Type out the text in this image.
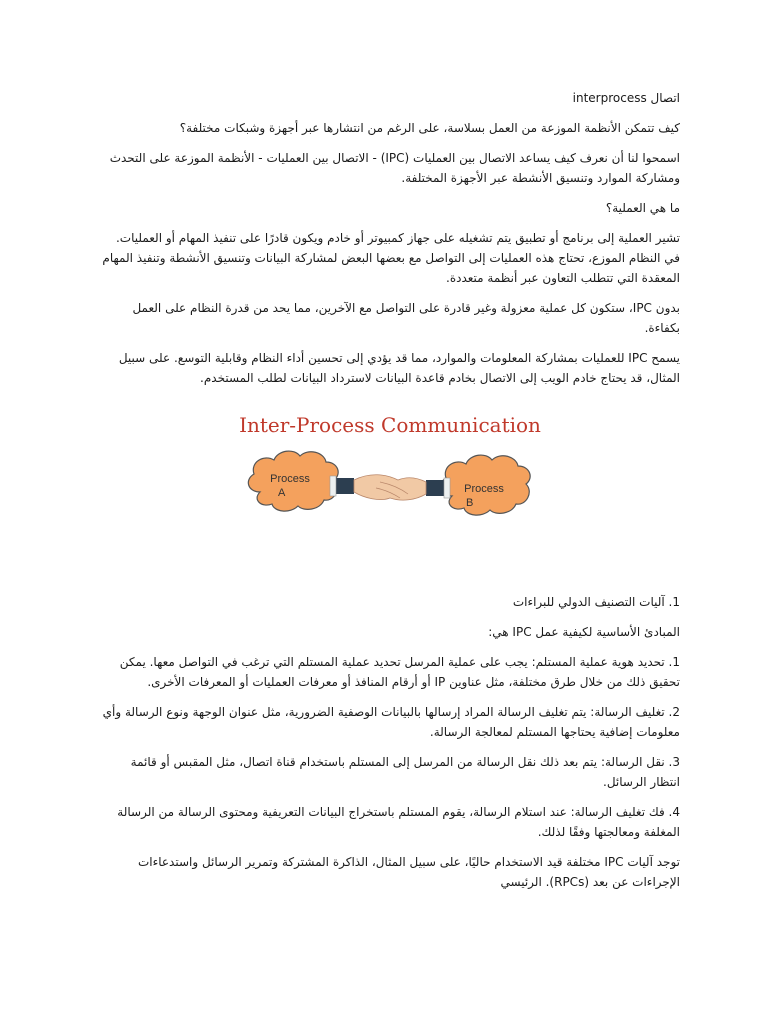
اتصال interprocess

كيف تتمكن الأنظمة الموزعة من العمل بسلاسة، على الرغم من انتشارها عبر أجهزة وشبكات مختلفة؟

اسمحوا لنا أن نعرف كيف يساعد الاتصال بين العمليات (IPC) - الاتصال بين العمليات - الأنظمة الموزعة على التحدث ومشاركة الموارد وتنسيق الأنشطة عبر الأجهزة المختلفة.

ما هي العملية؟

تشير العملية إلى برنامج أو تطبيق يتم تشغيله على جهاز كمبيوتر أو خادم ويكون قادرًا على تنفيذ المهام أو العمليات. في النظام الموزع، تحتاج هذه العمليات إلى التواصل مع بعضها البعض لمشاركة البيانات وتنسيق الأنشطة وتنفيذ المهام المعقدة التي تتطلب التعاون عبر أنظمة متعددة.

بدون IPC، ستكون كل عملية معزولة وغير قادرة على التواصل مع الآخرين، مما يحد من قدرة النظام على العمل بكفاءة.

يسمح IPC للعمليات بمشاركة المعلومات والموارد، مما قد يؤدي إلى تحسين أداء النظام وقابلية التوسع. على سبيل المثال، قد يحتاج خادم الويب إلى الاتصال بخادم قاعدة البيانات لاسترداد البيانات لطلب المستخدم.

Inter-Process Communication
Process
A	Process
B

1. آليات التصنيف الدولي للبراءات

المبادئ الأساسية لكيفية عمل IPC هي:

1. تحديد هوية عملية المستلم: يجب على عملية المرسل تحديد عملية المستلم التي ترغب في التواصل معها. يمكن تحقيق ذلك من خلال طرق مختلفة، مثل عناوين IP أو أرقام المنافذ أو معرفات العمليات أو المعرفات الأخرى.

2. تغليف الرسالة: يتم تغليف الرسالة المراد إرسالها بالبيانات الوصفية الضرورية، مثل عنوان الوجهة ونوع الرسالة وأي معلومات إضافية يحتاجها المستلم لمعالجة الرسالة.

3. نقل الرسالة: يتم بعد ذلك نقل الرسالة من المرسل إلى المستلم باستخدام قناة اتصال، مثل المقبس أو قائمة انتظار الرسائل.

4. فك تغليف الرسالة: عند استلام الرسالة، يقوم المستلم باستخراج البيانات التعريفية ومحتوى الرسالة من الرسالة المغلفة ومعالجتها وفقًا لذلك.

توجد آليات IPC مختلفة قيد الاستخدام حاليًا، على سبيل المثال، الذاكرة المشتركة وتمرير الرسائل واستدعاءات الإجراءات عن بعد (RPCs). الرئيسي
